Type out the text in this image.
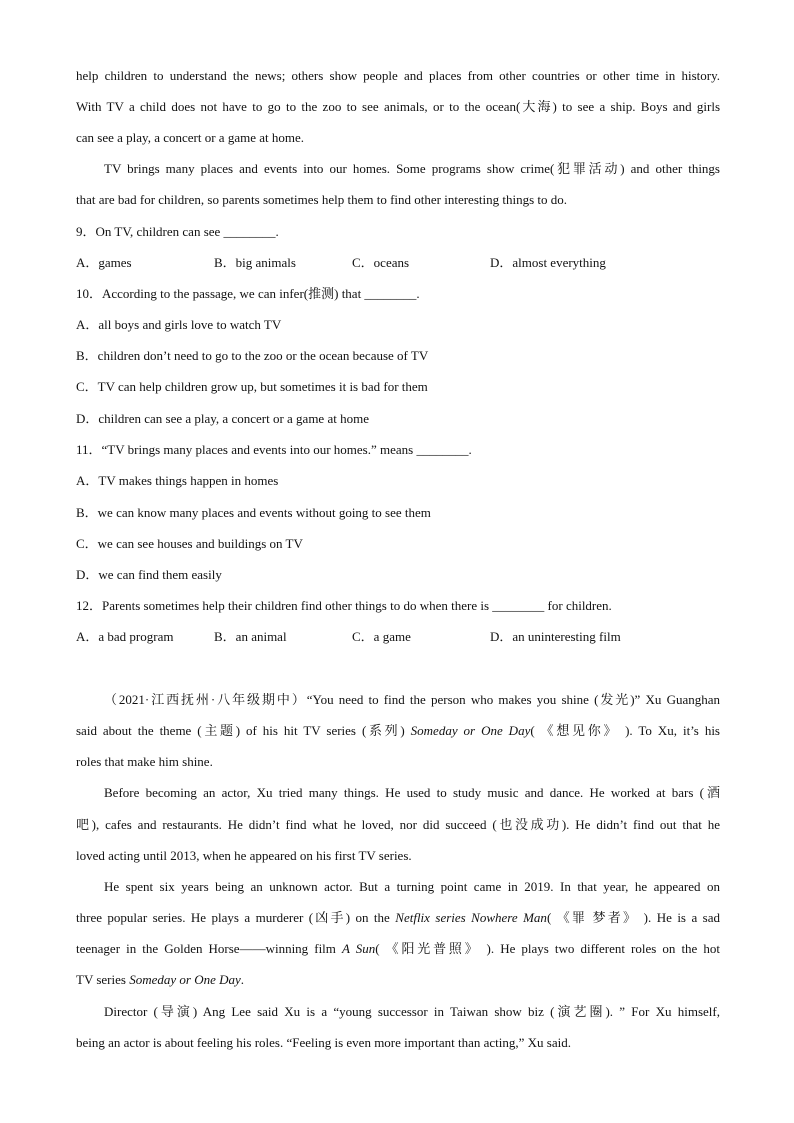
help children to understand the news; others show people and places from other countries or other time in history.
With TV a child does not have to go to the zoo to see animals, or to the ocean(大海) to see a ship. Boys and girls
can see a play, a concert or a game at home.
TV brings many places and events into our homes. Some programs show crime(犯罪活动) and other things
that are bad for children, so parents sometimes help them to find other interesting things to do.
9．On TV, children can see ________.
A．games	B．big animals	C．oceans	D．almost everything
10．According to the passage, we can infer(推测) that ________.
A．all boys and girls love to watch TV
B．children don’t need to go to the zoo or the ocean because of TV
C．TV can help children grow up, but sometimes it is bad for them
D．children can see a play, a concert or a game at home
11．“TV brings many places and events into our homes.” means ________.
A．TV makes things happen in homes
B．we can know many places and events without going to see them
C．we can see houses and buildings on TV
D．we can find them easily
12．Parents sometimes help their children find other things to do when there is ________ for children.
A．a bad program	B．an animal	C．a game	D．an uninteresting film
（2021·江西抚州·八年级期中）“You need to find the person who makes you shine (发光)” Xu Guanghan
said about the theme (主题) of his hit TV series (系列) Someday or One Day( 《想见你》 ). To Xu, it’s his
roles that make him shine.
Before becoming an actor, Xu tried many things. He used to study music and dance. He worked at bars (酒
吧), cafes and restaurants. He didn’t find what he loved, nor did succeed (也没成功). He didn’t find out that he
loved acting until 2013, when he appeared on his first TV series.
He spent six years being an unknown actor. But a turning point came in 2019. In that year, he appeared on
three popular series. He plays a murderer (凶手) on the Netflix series Nowhere Man( 《罪 梦者》 ). He is a sad
teenager in the Golden Horse——winning film A Sun( 《阳光普照》 ). He plays two different roles on the hot
TV series Someday or One Day.
Director (导演) Ang Lee said Xu is a “young successor in Taiwan show biz (演艺圈). ” For Xu himself,
being an actor is about feeling his roles. “Feeling is even more important than acting,” Xu said.
